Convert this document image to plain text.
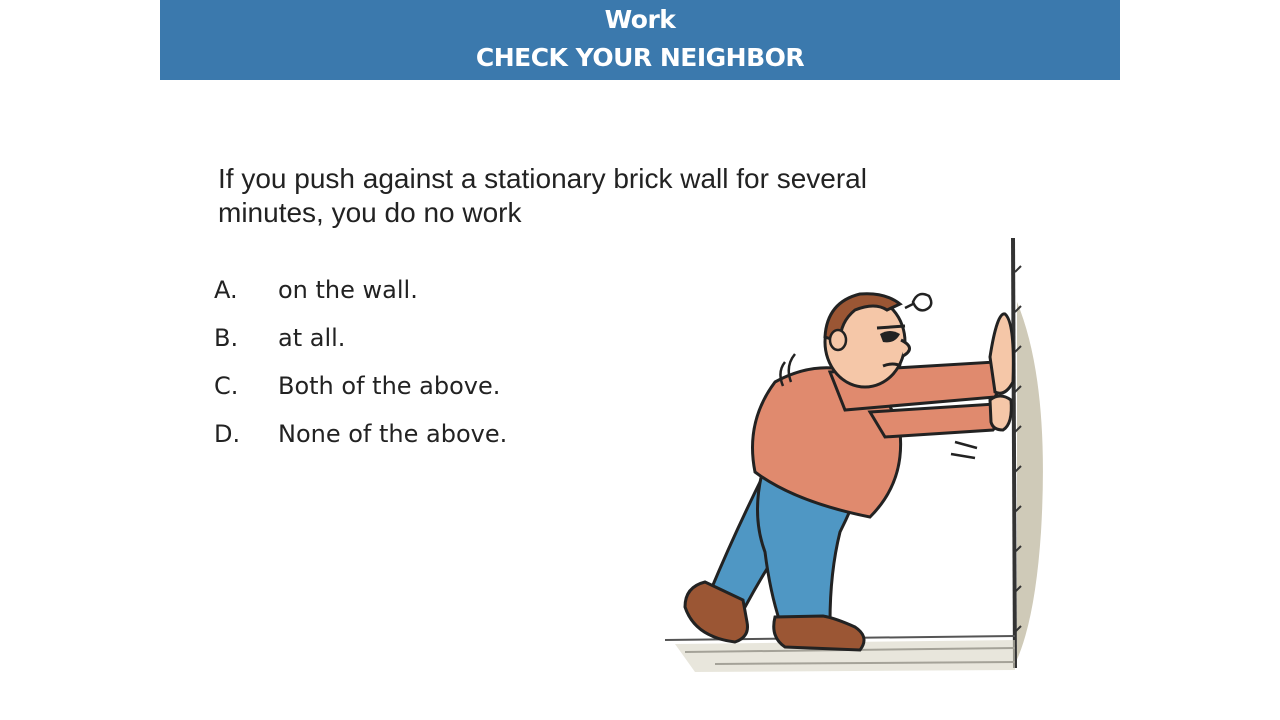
Work
CHECK YOUR NEIGHBOR
If you push against a stationary brick wall for several minutes, you do no work
A.	on the wall.
B.	at all.
C.	Both of the above.
D.	None of the above.
